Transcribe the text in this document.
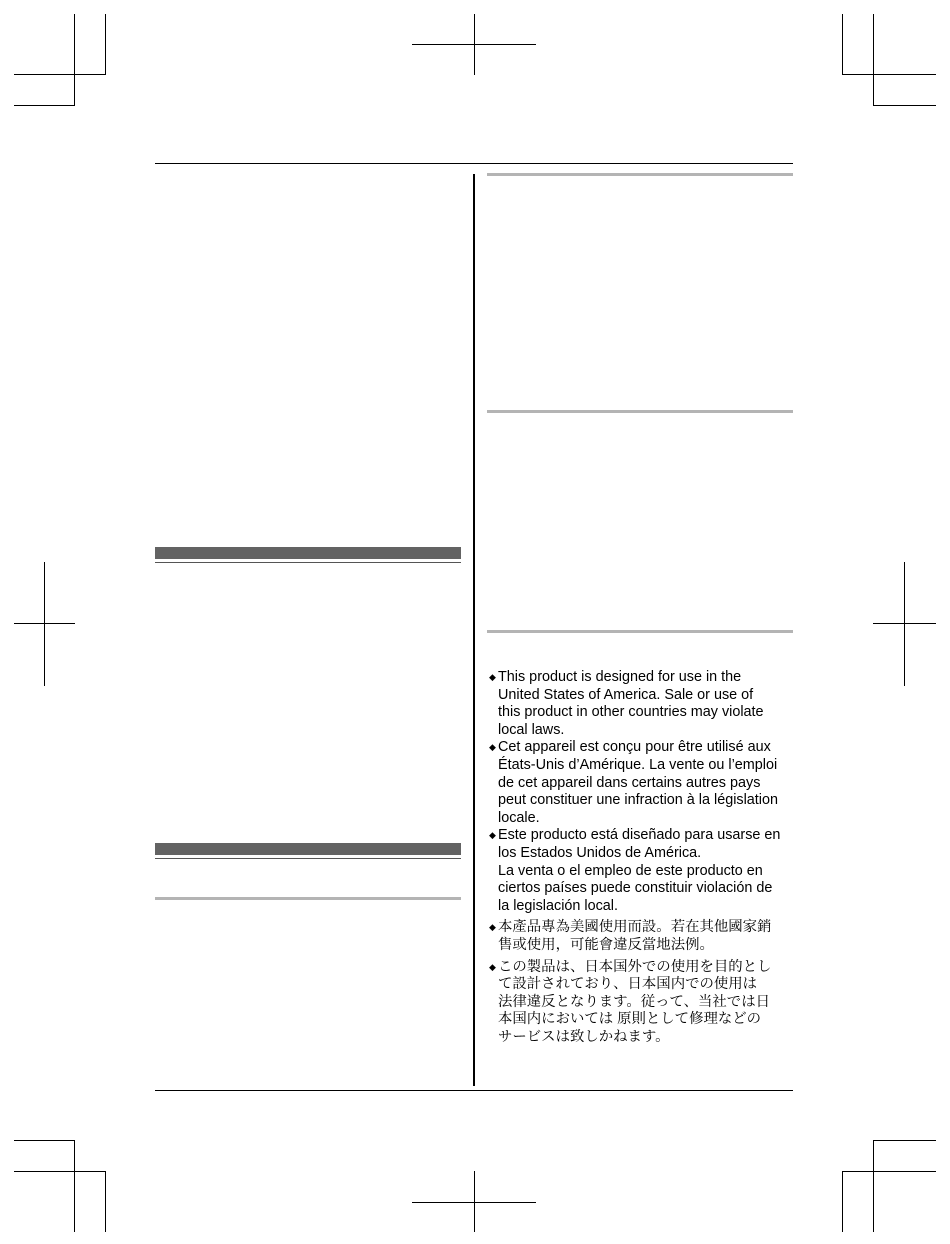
◆ This product is designed for use in the
United States of America. Sale or use of
this product in other countries may violate
local laws.
◆ Cet appareil est conçu pour être utilisé aux
États-Unis d’Amérique. La vente ou l’emploi
de cet appareil dans certains autres pays
peut constituer une infraction à la législation
locale.
◆ Este producto está diseñado para usarse en
los Estados Unidos de América.
La venta o el empleo de este producto en
ciertos países puede constituir violación de
la legislación local.
◆ 本產品專為美國使用而設。若在其他國家銷
售或使用，可能會違反當地法例。
◆ この製品は、日本国外での使用を目的とし
て設計されており、日本国内での使用は
法律違反となります。従って、当社では日
本国内においては 原則として修理などの
サービスは致しかねます。
